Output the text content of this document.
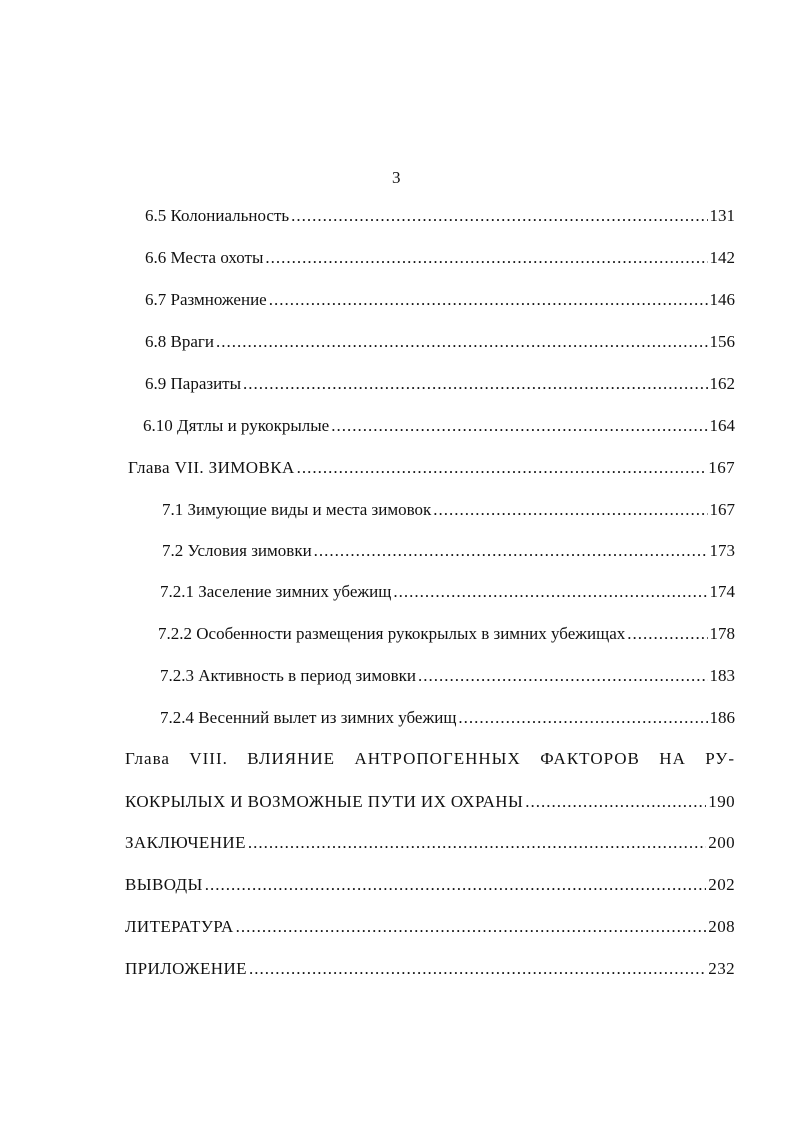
3
6.5 Колониальность .....	131
6.6 Места охоты .....	142
6.7 Размножение .....	146
6.8 Враги .....	156
6.9 Паразиты .....	162
6.10 Дятлы и рукокрылые .....	164
Глава VII. ЗИМОВКА .....	167
7.1 Зимующие виды и места зимовок .....	167
7.2 Условия зимовки .....	173
7.2.1 Заселение зимних убежищ .....	174
7.2.2 Особенности размещения рукокрылых в зимних убежищах .....	178
7.2.3 Активность в период зимовки .....	183
7.2.4 Весенний вылет из зимних убежищ .....	186
Глава VIII. ВЛИЯНИЕ АНТРОПОГЕННЫХ ФАКТОРОВ НА РУ-
КОКРЫЛЫХ И ВОЗМОЖНЫЕ ПУТИ ИХ ОХРАНЫ .....	190
ЗАКЛЮЧЕНИЕ .....	200
ВЫВОДЫ .....	202
ЛИТЕРАТУРА .....	208
ПРИЛОЖЕНИЕ .....	232
